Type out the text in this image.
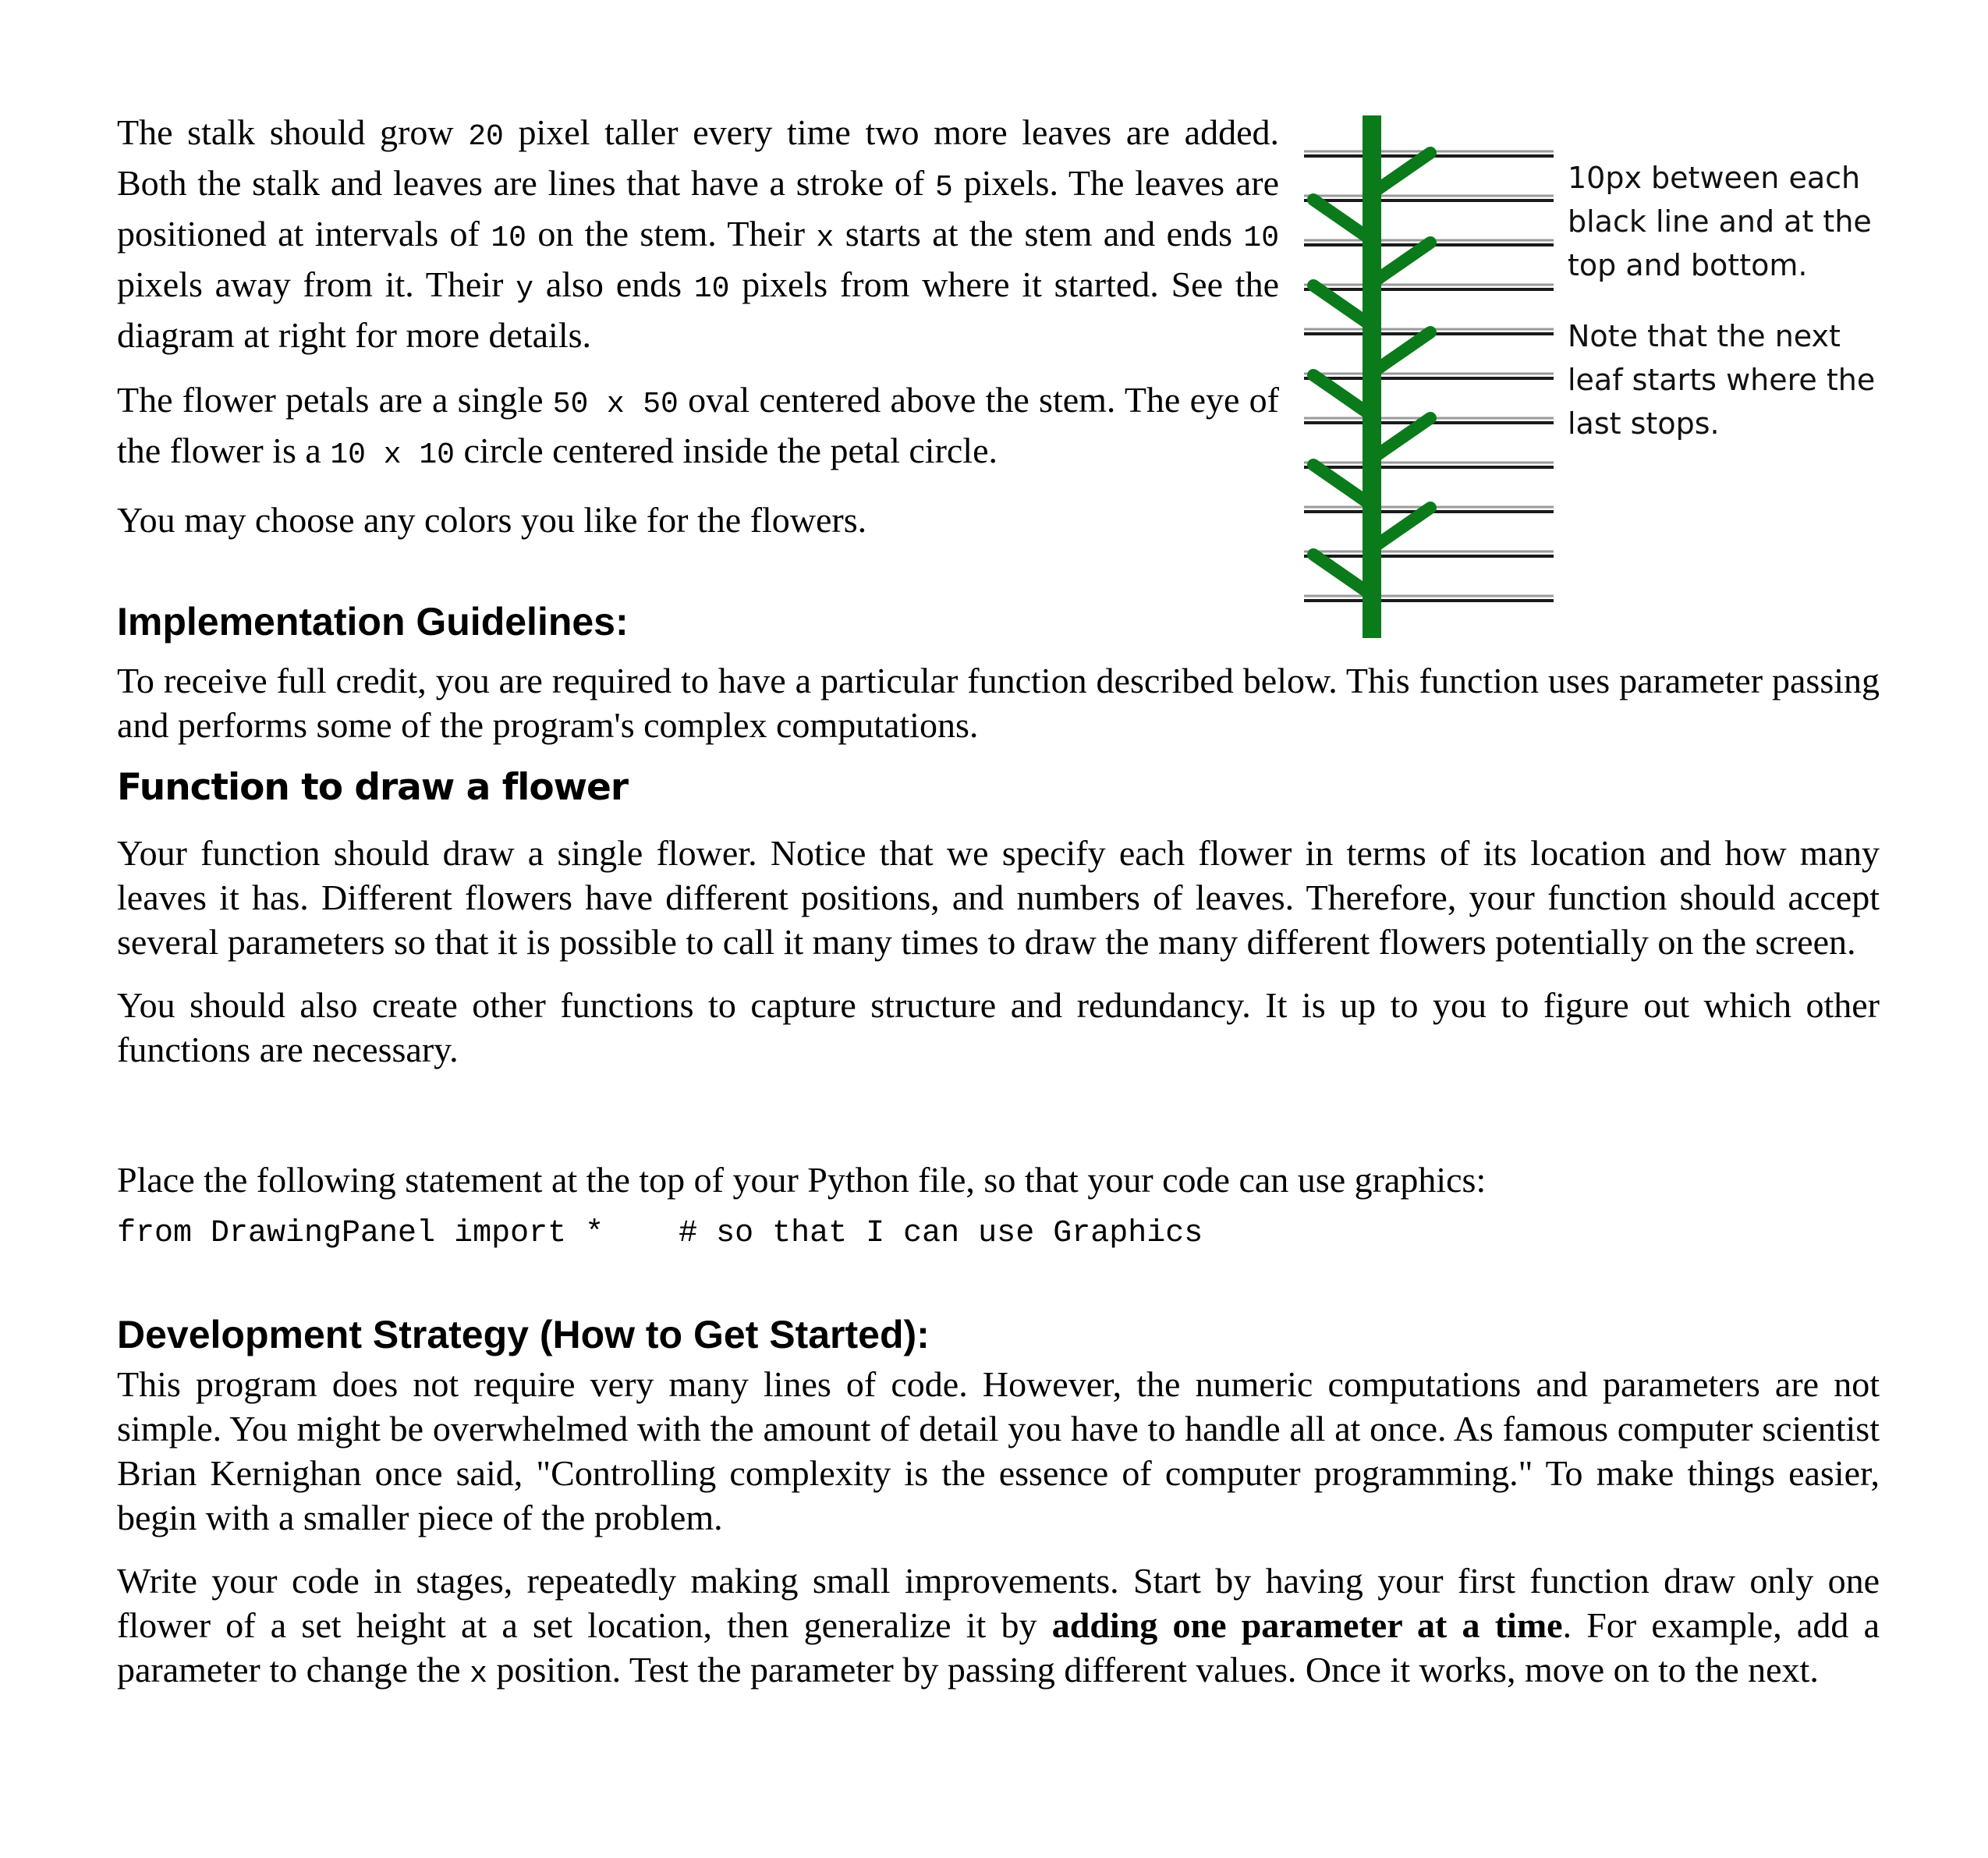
The stalk should grow 20 pixel taller every time two more leaves are added. Both the stalk and leaves are lines that have a stroke of 5 pixels. The leaves are positioned at intervals of 10 on the stem. Their x starts at the stem and ends 10 pixels away from it. Their y also ends 10 pixels from where it started. See the diagram at right for more details.

The flower petals are a single 50 x 50 oval centered above the stem. The eye of the flower is a 10 x 10 circle centered inside the petal circle.

You may choose any colors you like for the flowers.

Implementation Guidelines:

To receive full credit, you are required to have a particular function described below. This function uses parameter passing and performs some of the program's complex computations.

Function to draw a flower

Your function should draw a single flower. Notice that we specify each flower in terms of its location and how many leaves it has. Different flowers have different positions, and numbers of leaves. Therefore, your function should accept several parameters so that it is possible to call it many times to draw the many different flowers potentially on the screen.

You should also create other functions to capture structure and redundancy. It is up to you to figure out which other functions are necessary.

Place the following statement at the top of your Python file, so that your code can use graphics:

from DrawingPanel import *    # so that I can use Graphics

Development Strategy (How to Get Started):

This program does not require very many lines of code. However, the numeric computations and parameters are not simple. You might be overwhelmed with the amount of detail you have to handle all at once. As famous computer scientist Brian Kernighan once said, "Controlling complexity is the essence of computer programming." To make things easier, begin with a smaller piece of the problem.

Write your code in stages, repeatedly making small improvements. Start by having your first function draw only one flower of a set height at a set location, then generalize it by adding one parameter at a time. For example, add a parameter to change the x position. Test the parameter by passing different values. Once it works, move on to the next.

10px between each black line and at the top and bottom.

Note that the next leaf starts where the last stops.
